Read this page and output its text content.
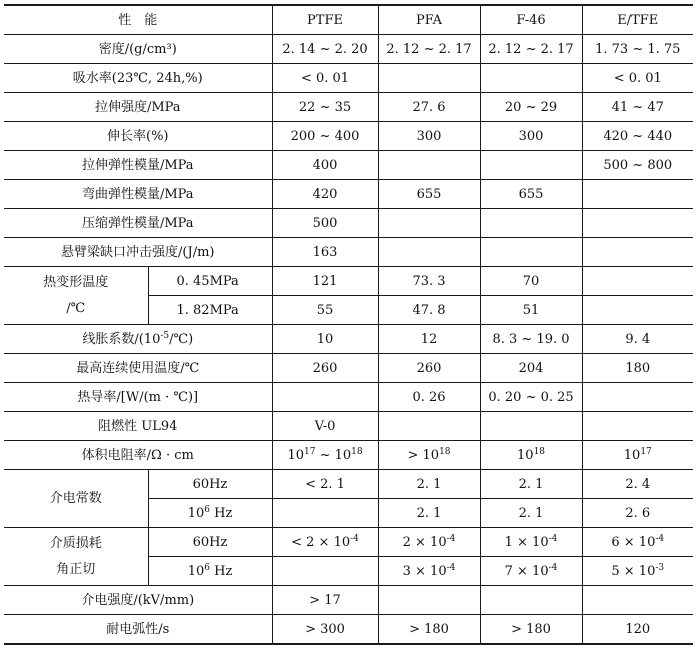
性　能		PTFE	PFA	F-46	E/TFE
密度/(g/cm³)		2. 14 ~ 2. 20	2. 12 ~ 2. 17	2. 12 ~ 2. 17	1. 73 ~ 1. 75
吸水率(23℃, 24h,%)		< 0. 01			< 0. 01
拉伸强度/MPa		22 ~ 35	27. 6	20 ~ 29	41 ~ 47
伸长率(%)		200 ~ 400	300	300	420 ~ 440
拉伸弹性模量/MPa		400			500 ~ 800
弯曲弹性模量/MPa		420	655	655	
压缩弹性模量/MPa		500			
悬臂梁缺口冲击强度/(J/m)		163			

热变形温度
/℃	0. 45MPa	121	73. 3	70	
	1. 82MPa	55	47. 8	51	
线胀系数$/(10^{-5}/℃)$		10	12	8. 3 ~ 19. 0	9. 4
最高连续使用温度/℃		260	260	204	180
热导率/[W/(m · ℃)]			0. 26	0. 20 ~ 0. 25	
阻燃性 UL94		V-0			
体积电阻率/Ω · cm		$10^{17}$ ~ $10^{18}$	> $10^{18}$	$10^{18}$	$10^{17}$
介电常数	60Hz	< 2. 1	2. 1	2. 1	2. 4
	$10^6$ Hz		2. 1	2. 1	2. 6

介质损耗
角正切	60Hz	< $2 \times 10^{-4}$	$2 \times 10^{-4}$	$1 \times 10^{-4}$	$6 \times 10^{-4}$
	$10^6$ Hz		$3 \times 10^{-4}$	$7 \times 10^{-4}$	$5 \times 10^{-3}$
介电强度/(kV/mm)		> 17			
耐电弧性/s		> 300	> 180	> 180	120
